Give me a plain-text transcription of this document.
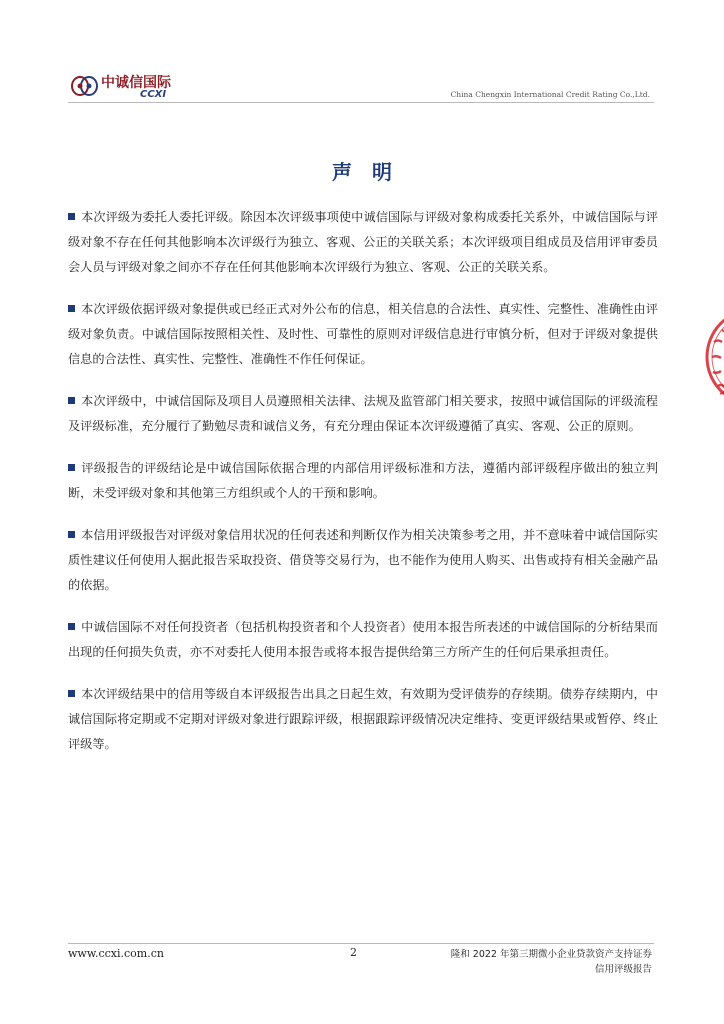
中诚信国际
CCXI	China Chengxin International Credit Rating Co.,Ltd.
声明

本次评级为委托人委托评级。除因本次评级事项使中诚信国际与评级对象构成委托关系外，中诚信国际与评级对象不存在任何其他影响本次评级行为独立、客观、公正的关联关系；本次评级项目组成员及信用评审委员会人员与评级对象之间亦不存在任何其他影响本次评级行为独立、客观、公正的关联关系。

本次评级依据评级对象提供或已经正式对外公布的信息，相关信息的合法性、真实性、完整性、准确性由评级对象负责。中诚信国际按照相关性、及时性、可靠性的原则对评级信息进行审慎分析，但对于评级对象提供信息的合法性、真实性、完整性、准确性不作任何保证。

本次评级中，中诚信国际及项目人员遵照相关法律、法规及监管部门相关要求，按照中诚信国际的评级流程及评级标准，充分履行了勤勉尽责和诚信义务，有充分理由保证本次评级遵循了真实、客观、公正的原则。

评级报告的评级结论是中诚信国际依据合理的内部信用评级标准和方法，遵循内部评级程序做出的独立判断，未受评级对象和其他第三方组织或个人的干预和影响。

本信用评级报告对评级对象信用状况的任何表述和判断仅作为相关决策参考之用，并不意味着中诚信国际实质性建议任何使用人据此报告采取投资、借贷等交易行为，也不能作为使用人购买、出售或持有相关金融产品的依据。

中诚信国际不对任何投资者（包括机构投资者和个人投资者）使用本报告所表述的中诚信国际的分析结果而出现的任何损失负责，亦不对委托人使用本报告或将本报告提供给第三方所产生的任何后果承担责任。

本次评级结果中的信用等级自本评级报告出具之日起生效，有效期为受评债券的存续期。债券存续期内，中诚信国际将定期或不定期对评级对象进行跟踪评级，根据跟踪评级情况决定维持、变更评级结果或暂停、终止评级等。

www.ccxi.com.cn	2	隆和 2022 年第三期微小企业贷款资产支持证券
信用评级报告
